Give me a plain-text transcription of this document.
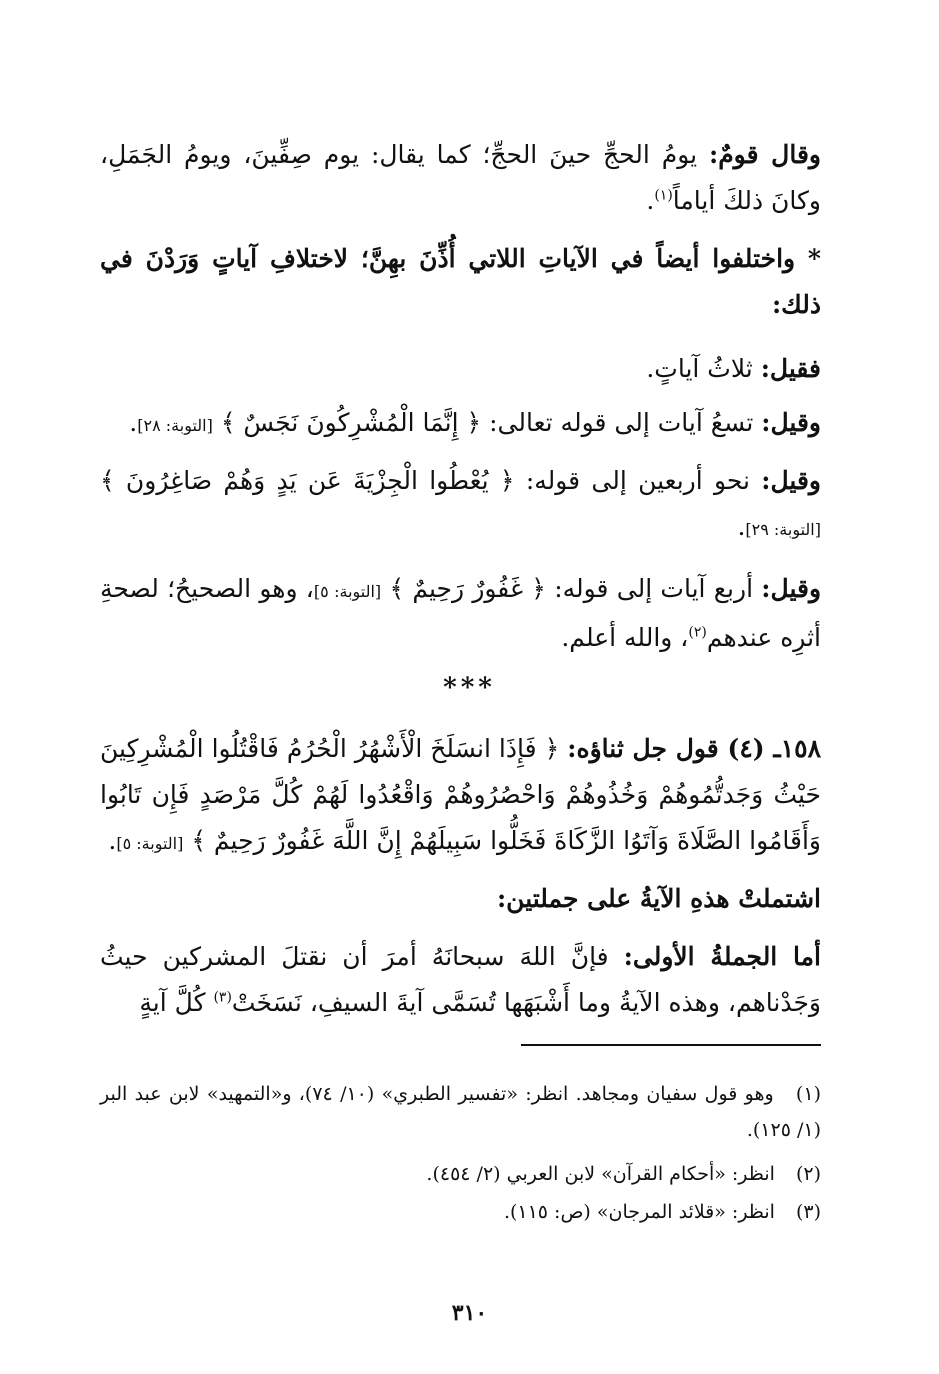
وقال قومٌ: يومُ الحجِّ حينَ الحجِّ؛ كما يقال: يوم صِفِّينَ، ويومُ الجَمَلِ، وكانَ ذلكَ أياماً$^{(١)}$.

* واختلفوا أيضاً في الآياتِ اللاتي أُذِّنَ بهِنَّ؛ لاختلافِ آياتٍ وَرَدْنَ في ذلك:

فقيل: ثلاثُ آياتٍ.

وقيل: تسعُ آيات إلى قوله تعالى: ﴿ إِنَّمَا الْمُشْرِكُونَ نَجَسٌ ﴾ [التوبة: ٢٨].

وقيل: نحو أربعين إلى قوله: ﴿ يُعْطُوا الْجِزْيَةَ عَن يَدٍ وَهُمْ صَاغِرُونَ ﴾ [التوبة: ٢٩].

وقيل: أربع آيات إلى قوله: ﴿ غَفُورٌ رَحِيمٌ ﴾ [التوبة: ٥]، وهو الصحيحُ؛ لصحةِ أثرِه عندهم$^{(٢)}$، والله أعلم.

***

١٥٨ـ (٤) قول جل ثناؤه: ﴿ فَإِذَا انسَلَخَ الْأَشْهُرُ الْحُرُمُ فَاقْتُلُوا الْمُشْرِكِينَ حَيْثُ وَجَدتُّمُوهُمْ وَخُذُوهُمْ وَاحْصُرُوهُمْ وَاقْعُدُوا لَهُمْ كُلَّ مَرْصَدٍ فَإِن تَابُوا وَأَقَامُوا الصَّلَاةَ وَآتَوُا الزَّكَاةَ فَخَلُّوا سَبِيلَهُمْ إِنَّ اللَّهَ غَفُورٌ رَحِيمٌ ﴾ [التوبة: ٥].

اشتملتْ هذهِ الآيةُ على جملتين:

أما الجملةُ الأولى: فإنَّ اللهَ سبحانَهُ أمرَ أن نقتلَ المشركين حيثُ وَجَدْناهم، وهذه الآيةُ وما أَشْبَهَها تُسَمَّى آيةَ السيفِ، نَسَخَتْ$^{(٣)}$ كُلَّ آيةٍ

(١) وهو قول سفيان ومجاهد. انظر: «تفسير الطبري» (١٠/ ٧٤)، و«التمهيد» لابن عبد البر (١/ ١٢٥).

(٢) انظر: «أحكام القرآن» لابن العربي (٢/ ٤٥٤).

(٣) انظر: «قلائد المرجان» (ص: ١١٥).

٣١٠
